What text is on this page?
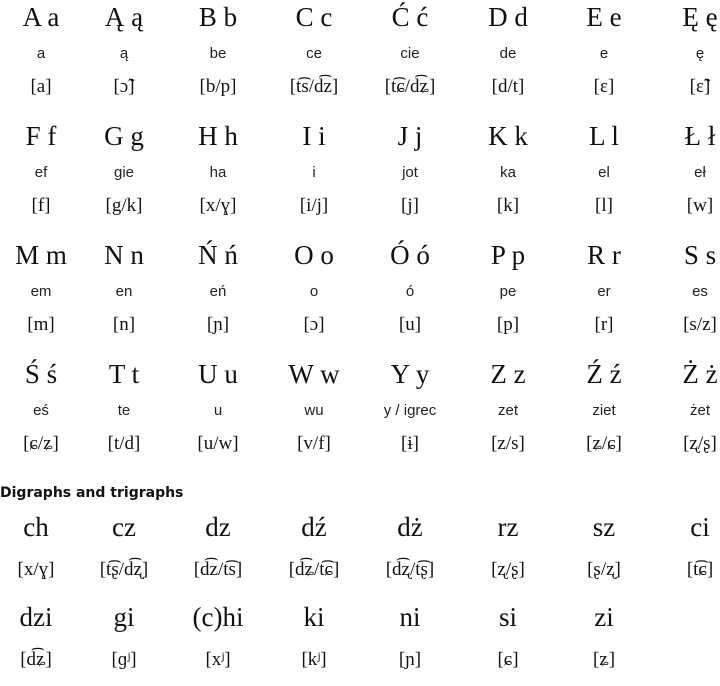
A a
a
[a]
Ą ą
ą
[ɔ̃]
B b
be
[b/p]
C c
ce
[t͡s/d͡z]
Ć ć
cie
[t͡ɕ/d͡ʑ]
D d
de
[d/t]
E e
e
[ɛ]
Ę ę
ę
[ɛ̃]
F f
ef
[f]
G g
gie
[g/k]
H h
ha
[x/ɣ]
I i
i
[i/j]
J j
jot
[j]
K k
ka
[k]
L l
el
[l]
Ł ł
eł
[w]
M m
em
[m]
N n
en
[n]
Ń ń
eń
[ɲ]
O o
o
[ɔ]
Ó ó
ó
[u]
P p
pe
[p]
R r
er
[r]
S s
es
[s/z]
Ś ś
eś
[ɕ/ʑ]
T t
te
[t/d]
U u
u
[u/w]
W w
wu
[v/f]
Y y
y / igrec
[ɨ]
Z z
zet
[z/s]
Ź ź
ziet
[ʑ/ɕ]
Ż ż
żet
[ʐ/ʂ]
Digraphs and trigraphs
ch
[x/ɣ]
cz
[t͡ʂ/d͡ʐ]
dz
[d͡z/t͡s]
dź
[d͡ʑ/t͡ɕ]
dż
[d͡ʐ/t͡ʂ]
rz
[ʐ/ʂ]
sz
[ʂ/ʐ]
ci
[t͡ɕ]
dzi
[d͡ʑ]
gi
[ɡʲ]
(c)hi
[xʲ]
ki
[kʲ]
ni
[ɲ]
si
[ɕ]
zi
[ʑ]
